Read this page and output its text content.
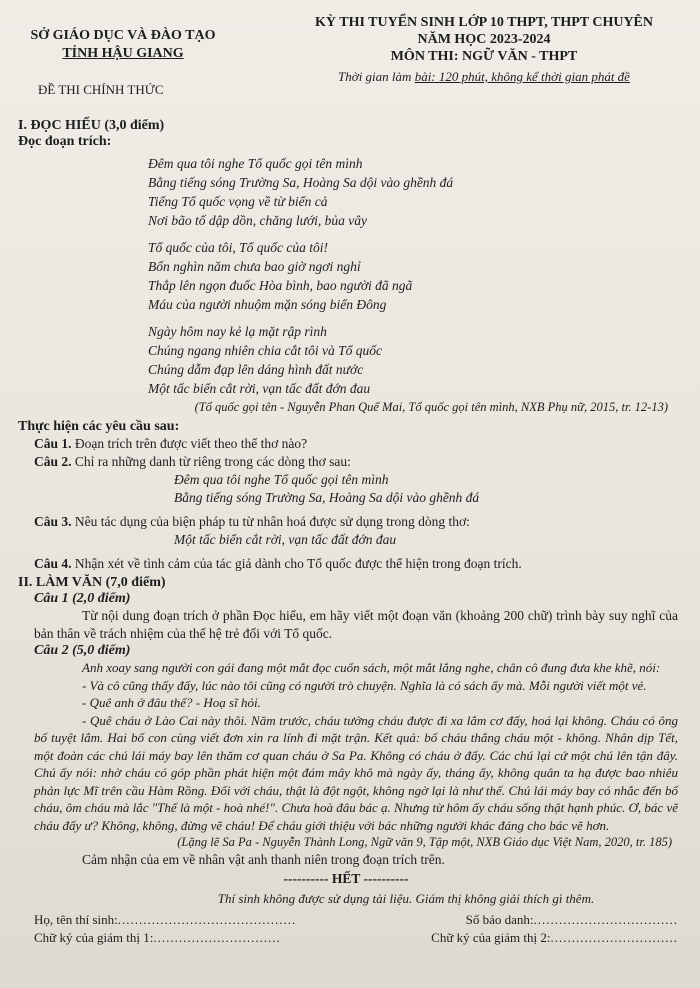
SỞ GIÁO DỤC VÀ ĐÀO TẠO
TỈNH HẬU GIANG
ĐỀ THI CHÍNH THỨC
KỲ THI TUYỂN SINH LỚP 10 THPT, THPT CHUYÊN
NĂM HỌC 2023-2024
MÔN THI: NGỮ VĂN - THPT
Thời gian làm bài: 120 phút, không kể thời gian phát đề
I. ĐỌC HIỂU (3,0 điểm)
Đọc đoạn trích:
Đêm qua tôi nghe Tổ quốc gọi tên mình
Bằng tiếng sóng Trường Sa, Hoàng Sa dội vào ghềnh đá
Tiếng Tổ quốc vọng về từ biển cả
Nơi bão tố dập dồn, chăng lưới, bủa vây
Tổ quốc của tôi, Tổ quốc của tôi!
Bốn nghìn năm chưa bao giờ ngơi nghỉ
Thắp lên ngọn đuốc Hòa bình, bao người đã ngã
Máu của người nhuộm mặn sóng biển Đông
Ngày hôm nay kẻ lạ mặt rập rình
Chúng ngang nhiên chia cắt tôi và Tổ quốc
Chúng dẫm đạp lên dáng hình đất nước
Một tấc biển cắt rời, vạn tấc đất đớn đau
(Tổ quốc gọi tên - Nguyễn Phan Quế Mai, Tổ quốc gọi tên mình, NXB Phụ nữ, 2015, tr. 12-13)
Thực hiện các yêu cầu sau:
Câu 1. Đoạn trích trên được viết theo thể thơ nào?
Câu 2. Chỉ ra những danh từ riêng trong các dòng thơ sau:
Đêm qua tôi nghe Tổ quốc gọi tên mình
Bằng tiếng sóng Trường Sa, Hoàng Sa dội vào ghềnh đá
Câu 3. Nêu tác dụng của biện pháp tu từ nhân hoá được sử dụng trong dòng thơ:
Một tấc biển cắt rời, vạn tấc đất đớn đau
Câu 4. Nhận xét về tình cảm của tác giả dành cho Tổ quốc được thể hiện trong đoạn trích.
II. LÀM VĂN (7,0 điểm)
Câu 1 (2,0 điểm)
Từ nội dung đoạn trích ở phần Đọc hiểu, em hãy viết một đoạn văn (khoảng 200 chữ) trình bày suy nghĩ của bản thân về trách nhiệm của thế hệ trẻ đối với Tổ quốc.
Câu 2 (5,0 điểm)
Anh xoay sang người con gái đang một mắt đọc cuốn sách, một mắt lắng nghe, chân cô đung đưa khe khẽ, nói:
- Và cô cũng thấy đấy, lúc nào tôi cũng có người trò chuyện. Nghĩa là có sách ấy mà. Mỗi người viết một vẻ.
- Quê anh ở đâu thế? - Hoạ sĩ hỏi.
- Quê cháu ở Lào Cai này thôi. Năm trước, cháu tưởng cháu được đi xa lắm cơ đấy, hoá lại không. Cháu có ông bố tuyệt lắm. Hai bố con cùng viết đơn xin ra lính đi mặt trận. Kết quả: bố cháu thắng cháu một - không. Nhân dịp Tết, một đoàn các chú lái máy bay lên thăm cơ quan cháu ở Sa Pa. Không có cháu ở đấy. Các chú lại cứ một chú lên tận đây. Chú ấy nói: nhờ cháu có góp phần phát hiện một đám mây khô mà ngày ấy, tháng ấy, không quân ta hạ được bao nhiêu phản lực Mĩ trên cầu Hàm Rồng. Đối với cháu, thật là đột ngột, không ngờ lại là như thế. Chú lái máy bay có nhắc đến bố cháu, ôm cháu mà lắc "Thế là một - hoà nhé!". Chưa hoà đâu bác ạ. Nhưng từ hôm ấy cháu sống thật hạnh phúc. Ơ, bác vẽ cháu đấy ư? Không, không, đừng vẽ cháu! Để cháu giới thiệu với bác những người khác đáng cho bác vẽ hơn.
(Lặng lẽ Sa Pa - Nguyễn Thành Long, Ngữ văn 9, Tập một, NXB Giáo dục Việt Nam, 2020, tr. 185)
Cảm nhận của em về nhân vật anh thanh niên trong đoạn trích trên.
---------- HẾT ----------
Thí sinh không được sử dụng tài liệu. Giám thị không giải thích gì thêm.
Họ, tên thí sinh:..........................................	Số báo danh:..................................
Chữ ký của giám thị 1:..............................	Chữ ký của giám thị 2:..............................
